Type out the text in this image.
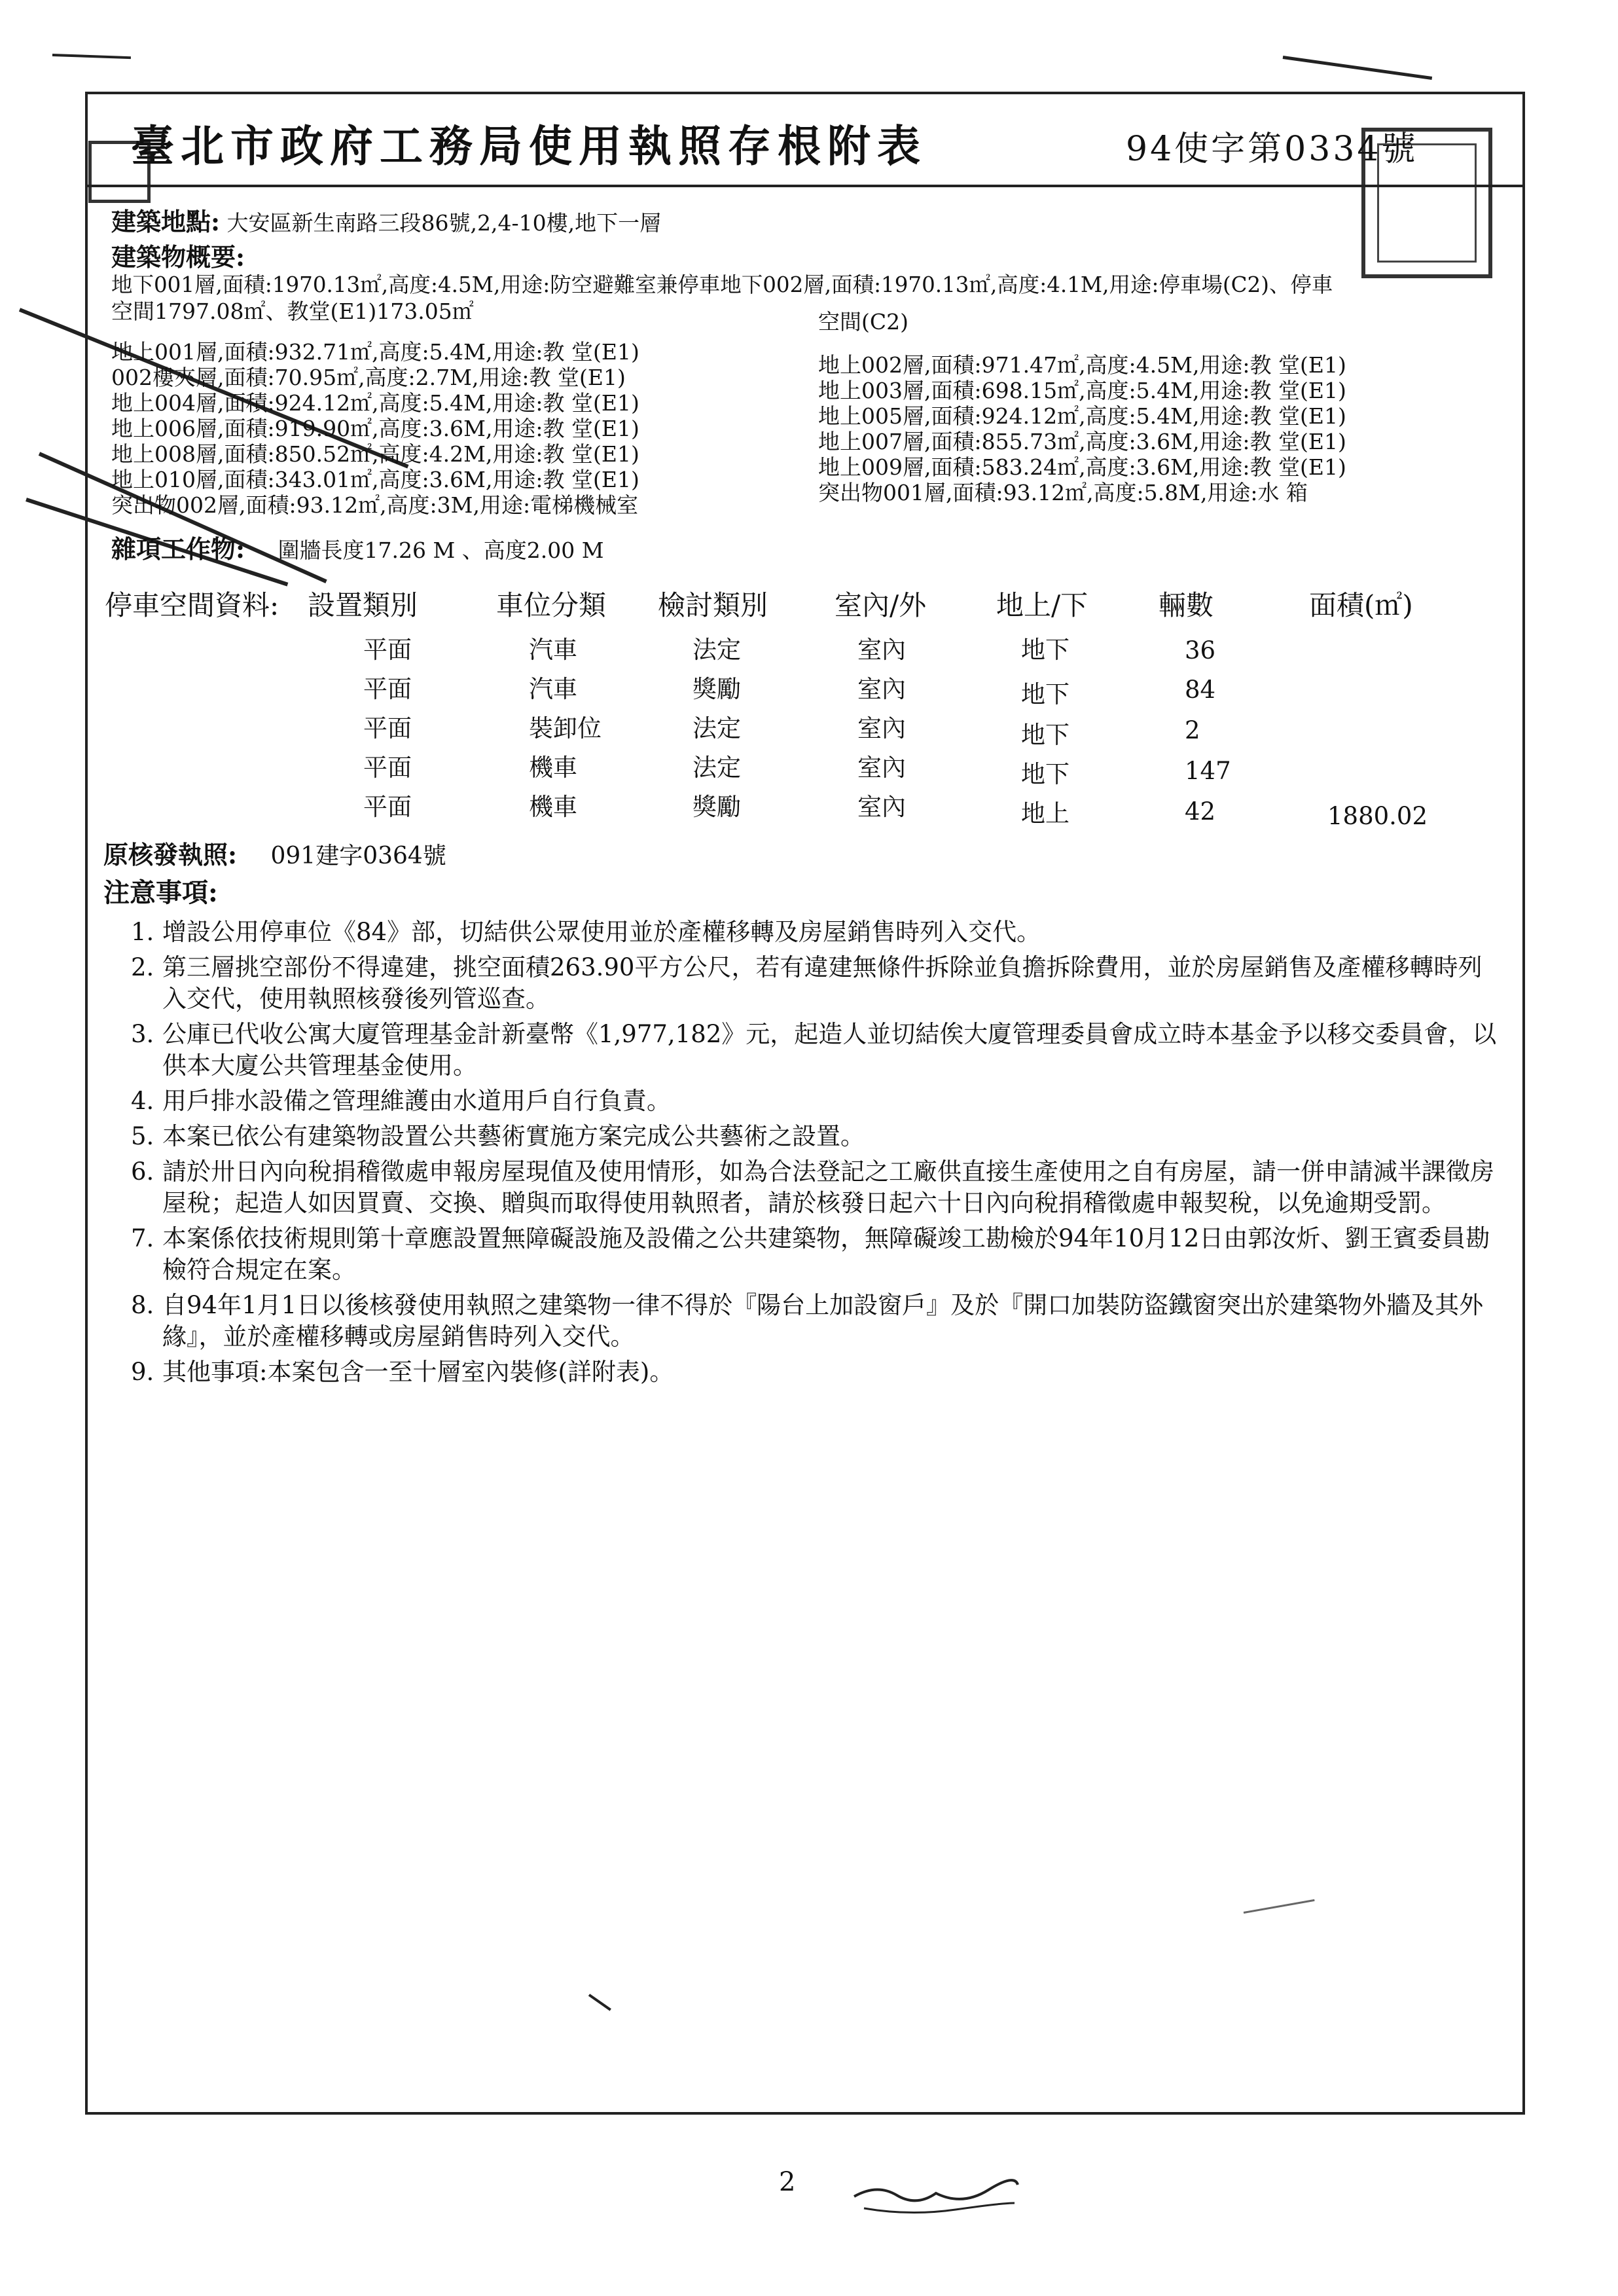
臺北市政府工務局使用執照存根附表	94使字第0334號
建築地點: 大安區新生南路三段86號,2,4-10樓,地下一層
建築物概要:
地下001層,面積:1970.13㎡,高度:4.5M,用途:防空避難室兼停車地下002層,面積:1970.13㎡,高度:4.1M,用途:停車場(C2)、停車
空間1797.08㎡、教堂(E1)173.05㎡	空間(C2)
地上001層,面積:932.71㎡,高度:5.4M,用途:教 堂(E1)
002樓夾層,面積:70.95㎡,高度:2.7M,用途:教 堂(E1)
地上004層,面積:924.12㎡,高度:5.4M,用途:教 堂(E1)
地上006層,面積:919.90㎡,高度:3.6M,用途:教 堂(E1)
地上008層,面積:850.52㎡,高度:4.2M,用途:教 堂(E1)
地上010層,面積:343.01㎡,高度:3.6M,用途:教 堂(E1)
突出物002層,面積:93.12㎡,高度:3M,用途:電梯機械室
地上002層,面積:971.47㎡,高度:4.5M,用途:教 堂(E1)
地上003層,面積:698.15㎡,高度:5.4M,用途:教 堂(E1)
地上005層,面積:924.12㎡,高度:5.4M,用途:教 堂(E1)
地上007層,面積:855.73㎡,高度:3.6M,用途:教 堂(E1)
地上009層,面積:583.24㎡,高度:3.6M,用途:教 堂(E1)
突出物001層,面積:93.12㎡,高度:5.8M,用途:水 箱
雜項工作物: 圍牆長度17.26 M 、高度2.00 M
停車空間資料: 設置類別	車位分類 檢討類別 室內/外	地上/下	輛數	面積(㎡)
平面	汽車	法定	室內	地下	36
平面	汽車	獎勵	室內	地下	84
平面	裝卸位	法定	室內	地下	2
平面	機車	法定	室內	地下	147
平面	機車	獎勵	室內	地上	42	1880.02
原核發執照: 091建字0364號
注意事項:
1. 增設公用停車位《84》部，切結供公眾使用並於產權移轉及房屋銷售時列入交代。
2. 第三層挑空部份不得違建，挑空面積263.90平方公尺，若有違建無條件拆除並負擔拆除費用，並於房屋銷售及產權移轉時列入交代，使用執照核發後列管巡查。
3. 公庫已代收公寓大廈管理基金計新臺幣《1,977,182》元，起造人並切結俟大廈管理委員會成立時本基金予以移交委員會，以供本大廈公共管理基金使用。
4. 用戶排水設備之管理維護由水道用戶自行負責。
5. 本案已依公有建築物設置公共藝術實施方案完成公共藝術之設置。
6. 請於卅日內向稅捐稽徵處申報房屋現值及使用情形，如為合法登記之工廠供直接生產使用之自有房屋，請一併申請減半課徵房屋稅；起造人如因買賣、交換、贈與而取得使用執照者，請於核發日起六十日內向稅捐稽徵處申報契稅，以免逾期受罰。
7. 本案係依技術規則第十章應設置無障礙設施及設備之公共建築物，無障礙竣工勘檢於94年10月12日由郭汝炘、劉王賓委員勘檢符合規定在案。
8. 自94年1月1日以後核發使用執照之建築物一律不得於『陽台上加設窗戶』及於『開口加裝防盜鐵窗突出於建築物外牆及其外緣』，並於產權移轉或房屋銷售時列入交代。
9. 其他事項:本案包含一至十層室內裝修(詳附表)。
2
